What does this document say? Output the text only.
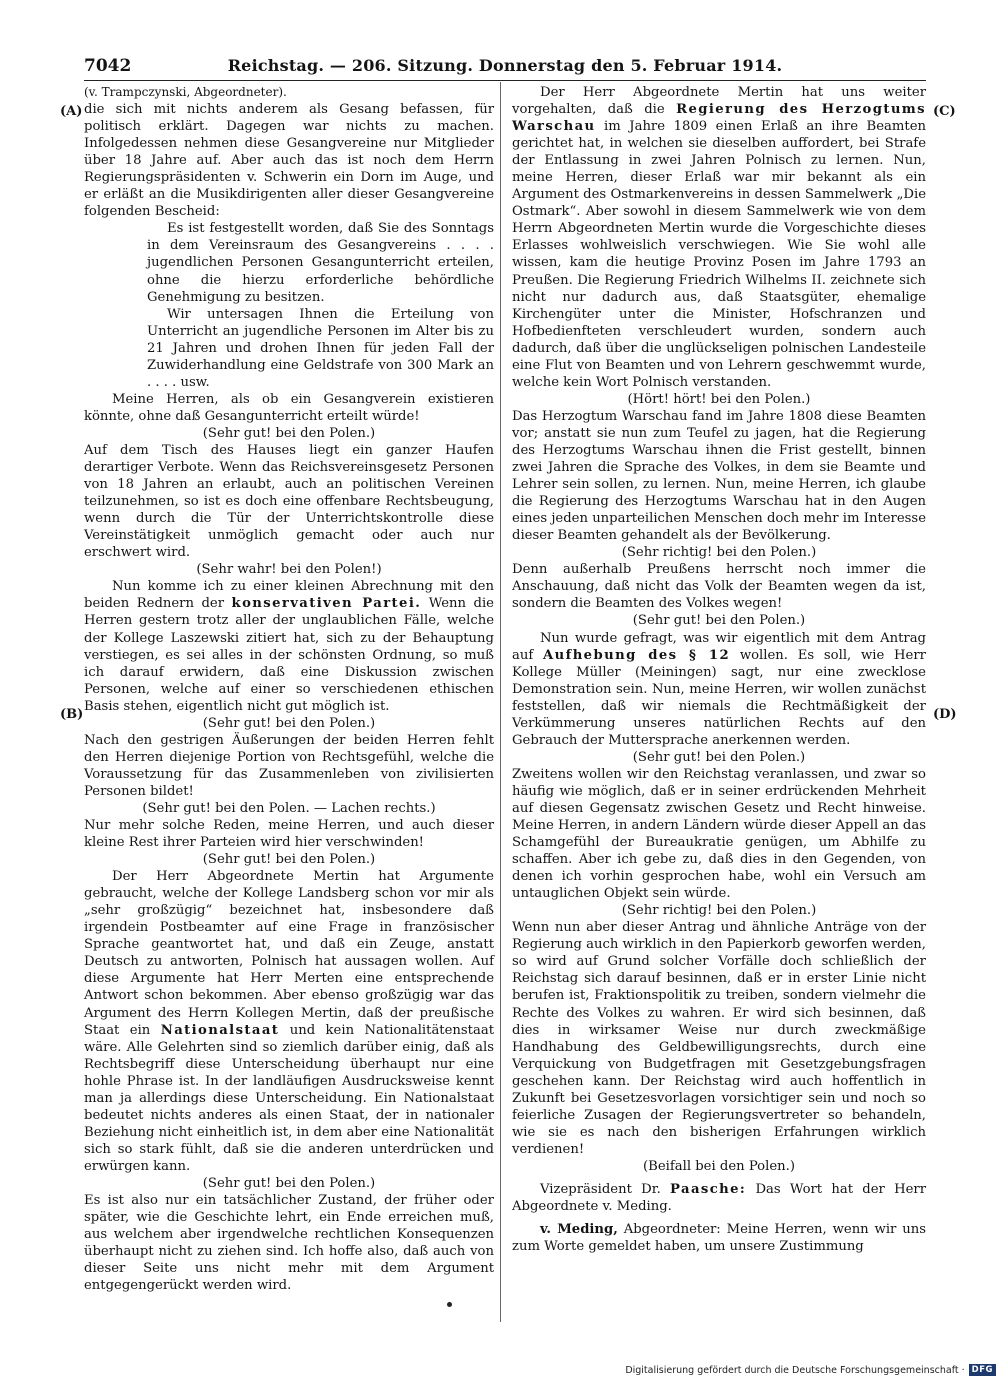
7042	Reichstag. — 206. Sitzung. Donnerstag den 5. Februar 1914.
(A)
(B)
(C)
(D)

(v. Trampczynski, Abgeordneter).

die sich mit nichts anderem als Gesang befassen, für politisch erklärt. Dagegen war nichts zu machen. Infolgedessen nehmen diese Gesangvereine nur Mitglieder über 18 Jahre auf. Aber auch das ist noch dem Herrn Regierungspräsidenten v. Schwerin ein Dorn im Auge, und er erläßt an die Musikdirigenten aller dieser Gesangvereine folgenden Bescheid:

Es ist festgestellt worden, daß Sie des Sonntags in dem Vereinsraum des Gesangvereins . . . . jugendlichen Personen Gesangunterricht erteilen, ohne die hierzu erforderliche behördliche Genehmigung zu besitzen.

Wir untersagen Ihnen die Erteilung von Unterricht an jugendliche Personen im Alter bis zu 21 Jahren und drohen Ihnen für jeden Fall der Zuwiderhandlung eine Geldstrafe von 300 Mark an . . . . usw.

Meine Herren, als ob ein Gesangverein existieren könnte, ohne daß Gesangunterricht erteilt würde!

(Sehr gut! bei den Polen.)

Auf dem Tisch des Hauses liegt ein ganzer Haufen derartiger Verbote. Wenn das Reichsvereinsgesetz Personen von 18 Jahren an erlaubt, auch an politischen Vereinen teilzunehmen, so ist es doch eine offenbare Rechtsbeugung, wenn durch die Tür der Unterrichtskontrolle diese Vereinstätigkeit unmöglich gemacht oder auch nur erschwert wird.

(Sehr wahr! bei den Polen!)

Nun komme ich zu einer kleinen Abrechnung mit den beiden Rednern der konservativen Partei. Wenn die Herren gestern trotz aller der unglaublichen Fälle, welche der Kollege Laszewski zitiert hat, sich zu der Behauptung verstiegen, es sei alles in der schönsten Ordnung, so muß ich darauf erwidern, daß eine Diskussion zwischen Personen, welche auf einer so verschiedenen ethischen Basis stehen, eigentlich nicht gut möglich ist.

(Sehr gut! bei den Polen.)

Nach den gestrigen Äußerungen der beiden Herren fehlt den Herren diejenige Portion von Rechtsgefühl, welche die Voraussetzung für das Zusammenleben von zivilisierten Personen bildet!

(Sehr gut! bei den Polen. — Lachen rechts.)

Nur mehr solche Reden, meine Herren, und auch dieser kleine Rest ihrer Parteien wird hier verschwinden!

(Sehr gut! bei den Polen.)

Der Herr Abgeordnete Mertin hat Argumente gebraucht, welche der Kollege Landsberg schon vor mir als „sehr großzügig“ bezeichnet hat, insbesondere daß irgendein Postbeamter auf eine Frage in französischer Sprache geantwortet hat, und daß ein Zeuge, anstatt Deutsch zu antworten, Polnisch hat aussagen wollen. Auf diese Argumente hat Herr Merten eine entsprechende Antwort schon bekommen. Aber ebenso großzügig war das Argument des Herrn Kollegen Mertin, daß der preußische Staat ein Nationalstaat und kein Nationalitätenstaat wäre. Alle Gelehrten sind so ziemlich darüber einig, daß als Rechtsbegriff diese Unterscheidung überhaupt nur eine hohle Phrase ist. In der landläufigen Ausdrucksweise kennt man ja allerdings diese Unterscheidung. Ein Nationalstaat bedeutet nichts anderes als einen Staat, der in nationaler Beziehung nicht einheitlich ist, in dem aber eine Nationalität sich so stark fühlt, daß sie die anderen unterdrücken und erwürgen kann.

(Sehr gut! bei den Polen.)

Es ist also nur ein tatsächlicher Zustand, der früher oder später, wie die Geschichte lehrt, ein Ende erreichen muß, aus welchem aber irgendwelche rechtlichen Konsequenzen überhaupt nicht zu ziehen sind. Ich hoffe also, daß auch von dieser Seite uns nicht mehr mit dem Argument entgegengerückt werden wird.

Der Herr Abgeordnete Mertin hat uns weiter vorgehalten, daß die Regierung des Herzogtums Warschau im Jahre 1809 einen Erlaß an ihre Beamten gerichtet hat, in welchen sie dieselben auffordert, bei Strafe der Entlassung in zwei Jahren Polnisch zu lernen. Nun, meine Herren, dieser Erlaß war mir bekannt als ein Argument des Ostmarkenvereins in dessen Sammelwerk „Die Ostmark“. Aber sowohl in diesem Sammelwerk wie von dem Herrn Abgeordneten Mertin wurde die Vorgeschichte dieses Erlasses wohlweislich verschwiegen. Wie Sie wohl alle wissen, kam die heutige Provinz Posen im Jahre 1793 an Preußen. Die Regierung Friedrich Wilhelms II. zeichnete sich nicht nur dadurch aus, daß Staatsgüter, ehemalige Kirchengüter unter die Minister, Hofschranzen und Hofbedienfteten verschleudert wurden, sondern auch dadurch, daß über die unglückseligen polnischen Landesteile eine Flut von Beamten und von Lehrern geschwemmt wurde, welche kein Wort Polnisch verstanden.

(Hört! hört! bei den Polen.)

Das Herzogtum Warschau fand im Jahre 1808 diese Beamten vor; anstatt sie nun zum Teufel zu jagen, hat die Regierung des Herzogtums Warschau ihnen die Frist gestellt, binnen zwei Jahren die Sprache des Volkes, in dem sie Beamte und Lehrer sein sollen, zu lernen. Nun, meine Herren, ich glaube die Regierung des Herzogtums Warschau hat in den Augen eines jeden unparteilichen Menschen doch mehr im Interesse dieser Beamten gehandelt als der Bevölkerung.

(Sehr richtig! bei den Polen.)

Denn außerhalb Preußens herrscht noch immer die Anschauung, daß nicht das Volk der Beamten wegen da ist, sondern die Beamten des Volkes wegen!

(Sehr gut! bei den Polen.)

Nun wurde gefragt, was wir eigentlich mit dem Antrag auf Aufhebung des § 12 wollen. Es soll, wie Herr Kollege Müller (Meiningen) sagt, nur eine zwecklose Demonstration sein. Nun, meine Herren, wir wollen zunächst feststellen, daß wir niemals die Rechtmäßigkeit der Verkümmerung unseres natürlichen Rechts auf den Gebrauch der Muttersprache anerkennen werden.

(Sehr gut! bei den Polen.)

Zweitens wollen wir den Reichstag veranlassen, und zwar so häufig wie möglich, daß er in seiner erdrückenden Mehrheit auf diesen Gegensatz zwischen Gesetz und Recht hinweise. Meine Herren, in andern Ländern würde dieser Appell an das Schamgefühl der Bureaukratie genügen, um Abhilfe zu schaffen. Aber ich gebe zu, daß dies in den Gegenden, von denen ich vorhin gesprochen habe, wohl ein Versuch am untauglichen Objekt sein würde.

(Sehr richtig! bei den Polen.)

Wenn nun aber dieser Antrag und ähnliche Anträge von der Regierung auch wirklich in den Papierkorb geworfen werden, so wird auf Grund solcher Vorfälle doch schließlich der Reichstag sich darauf besinnen, daß er in erster Linie nicht berufen ist, Fraktionspolitik zu treiben, sondern vielmehr die Rechte des Volkes zu wahren. Er wird sich besinnen, daß dies in wirksamer Weise nur durch zweckmäßige Handhabung des Geldbewilligungsrechts, durch eine Verquickung von Budgetfragen mit Gesetzgebungsfragen geschehen kann. Der Reichstag wird auch hoffentlich in Zukunft bei Gesetzesvorlagen vorsichtiger sein und noch so feierliche Zusagen der Regierungsvertreter so behandeln, wie sie es nach den bisherigen Erfahrungen wirklich verdienen!

(Beifall bei den Polen.)

Vizepräsident Dr. Paasche: Das Wort hat der Herr Abgeordnete v. Meding.

v. Meding, Abgeordneter: Meine Herren, wenn wir uns zum Worte gemeldet haben, um unsere Zustimmung

Digitalisierung gefördert durch die Deutsche Forschungsgemeinschaft · DFG
